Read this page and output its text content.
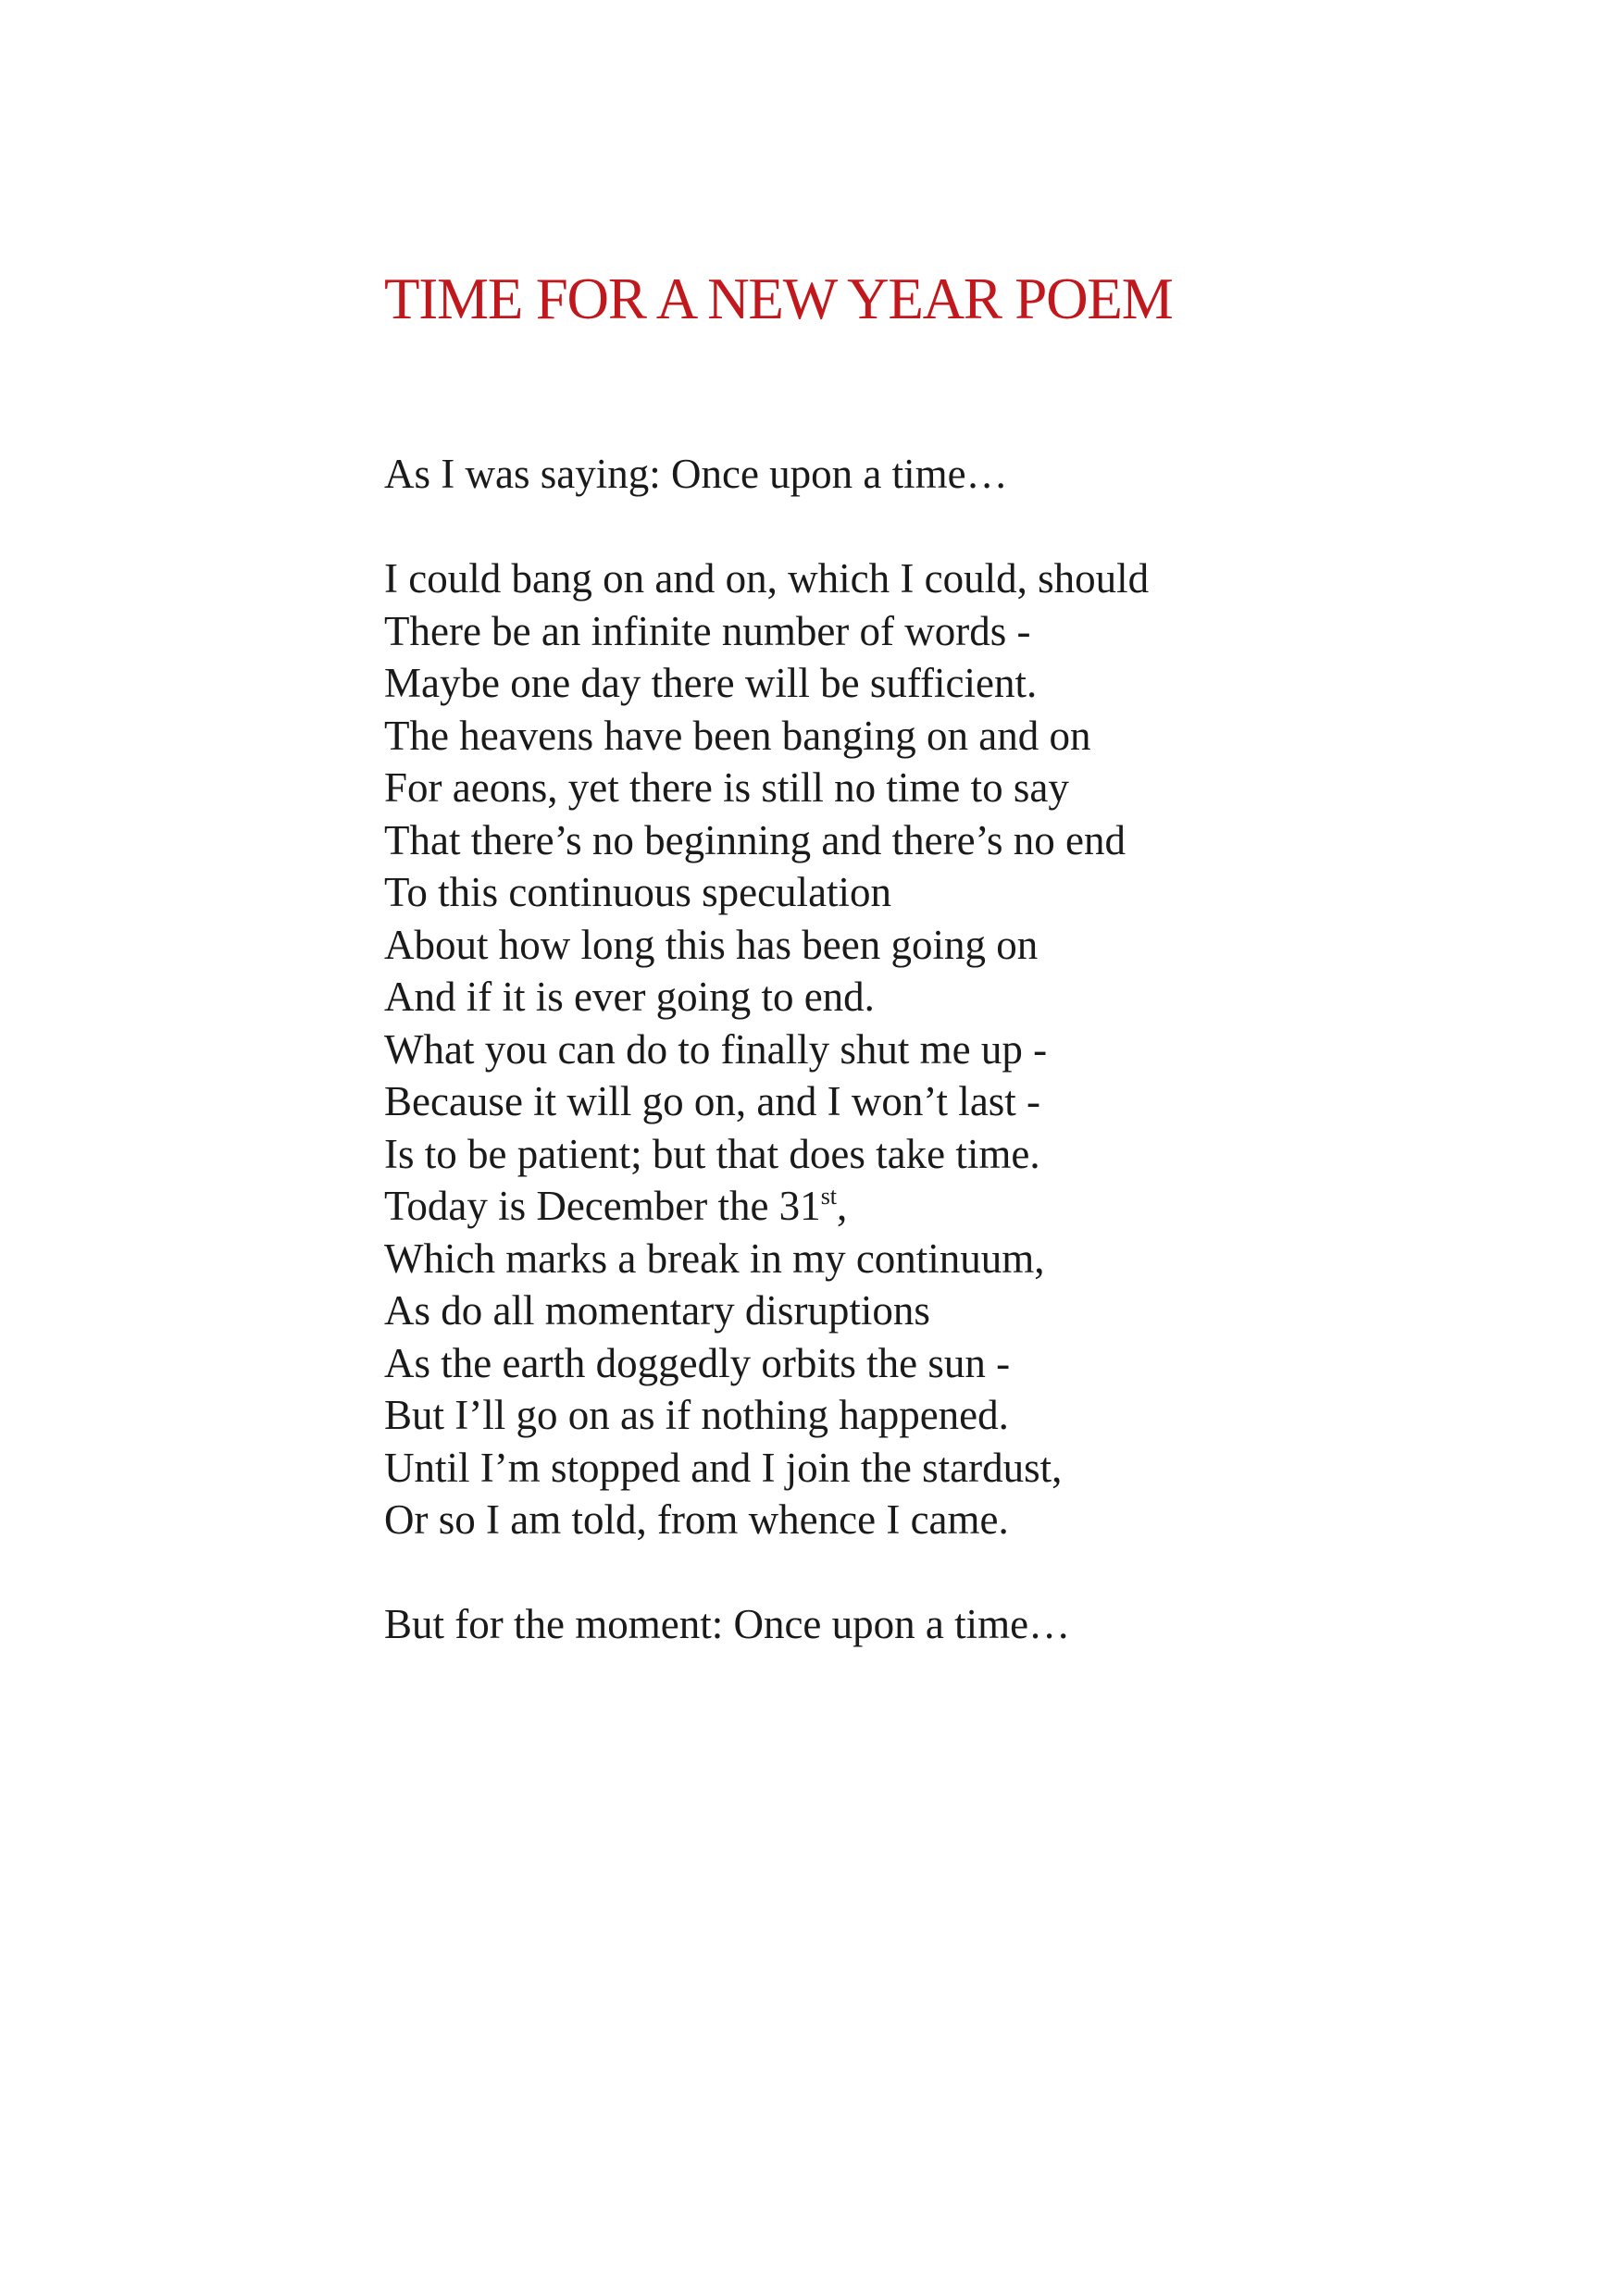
TIME FOR A NEW YEAR POEM

As I was saying: Once upon a time…

I could bang on and on, which I could, should
There be an infinite number of words -
Maybe one day there will be sufficient.
The heavens have been banging on and on
For aeons, yet there is still no time to say
That there’s no beginning and there’s no end
To this continuous speculation
About how long this has been going on
And if it is ever going to end.
What you can do to finally shut me up -
Because it will go on, and I won’t last -
Is to be patient; but that does take time.
Today is December the 31st,
Which marks a break in my continuum,
As do all momentary disruptions
As the earth doggedly orbits the sun -
But I’ll go on as if nothing happened.
Until I’m stopped and I join the stardust,
Or so I am told, from whence I came.

But for the moment: Once upon a time…
